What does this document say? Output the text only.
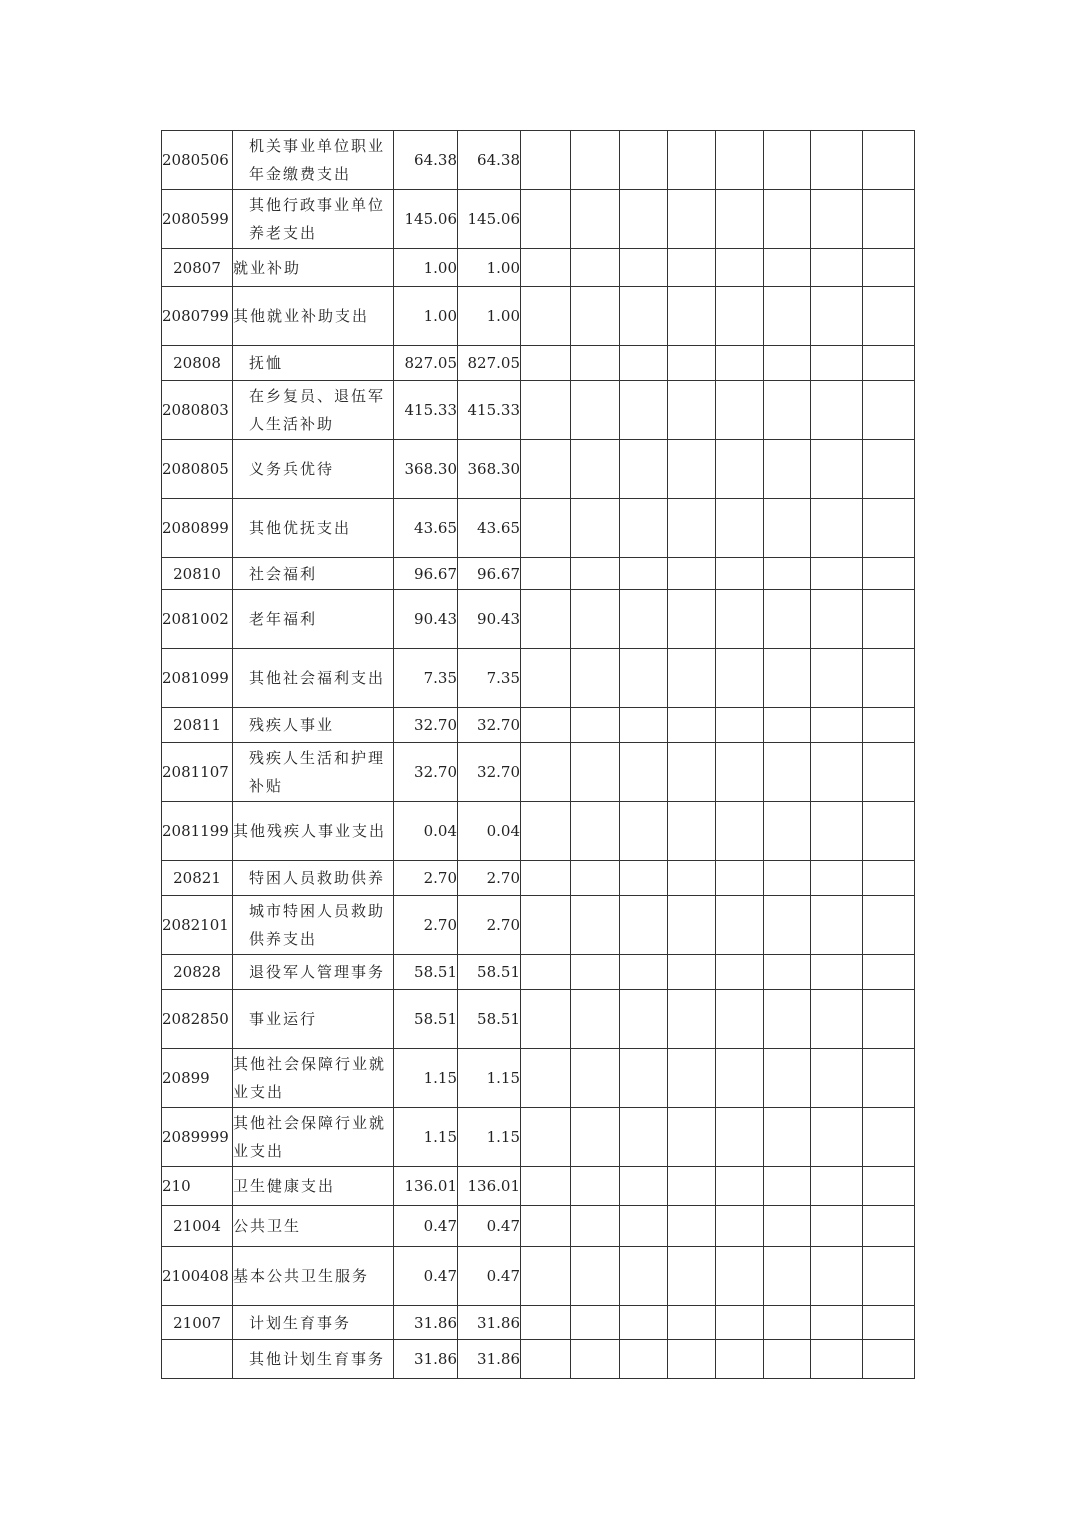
2080506	机关事业单位职业年金缴费支出	64.38	64.38								
2080599	其他行政事业单位养老支出	145.06	145.06								
20807	就业补助	1.00	1.00								
2080799	其他就业补助支出	1.00	1.00								
20808	抚恤	827.05	827.05								
2080803	在乡复员、退伍军人生活补助	415.33	415.33								
2080805	义务兵优待	368.30	368.30								
2080899	其他优抚支出	43.65	43.65								
20810	社会福利	96.67	96.67								
2081002	老年福利	90.43	90.43								
2081099	其他社会福利支出	7.35	7.35								
20811	残疾人事业	32.70	32.70								
2081107	残疾人生活和护理补贴	32.70	32.70								
2081199	其他残疾人事业支出	0.04	0.04								
20821	特困人员救助供养	2.70	2.70								
2082101	城市特困人员救助供养支出	2.70	2.70								
20828	退役军人管理事务	58.51	58.51								
2082850	事业运行	58.51	58.51								
20899	其他社会保障行业就业支出	1.15	1.15								
2089999	其他社会保障行业就业支出	1.15	1.15								
210	卫生健康支出	136.01	136.01								
21004	公共卫生	0.47	0.47								
2100408	基本公共卫生服务	0.47	0.47								
21007	计划生育事务	31.86	31.86								
	其他计划生育事务	31.86	31.86								
